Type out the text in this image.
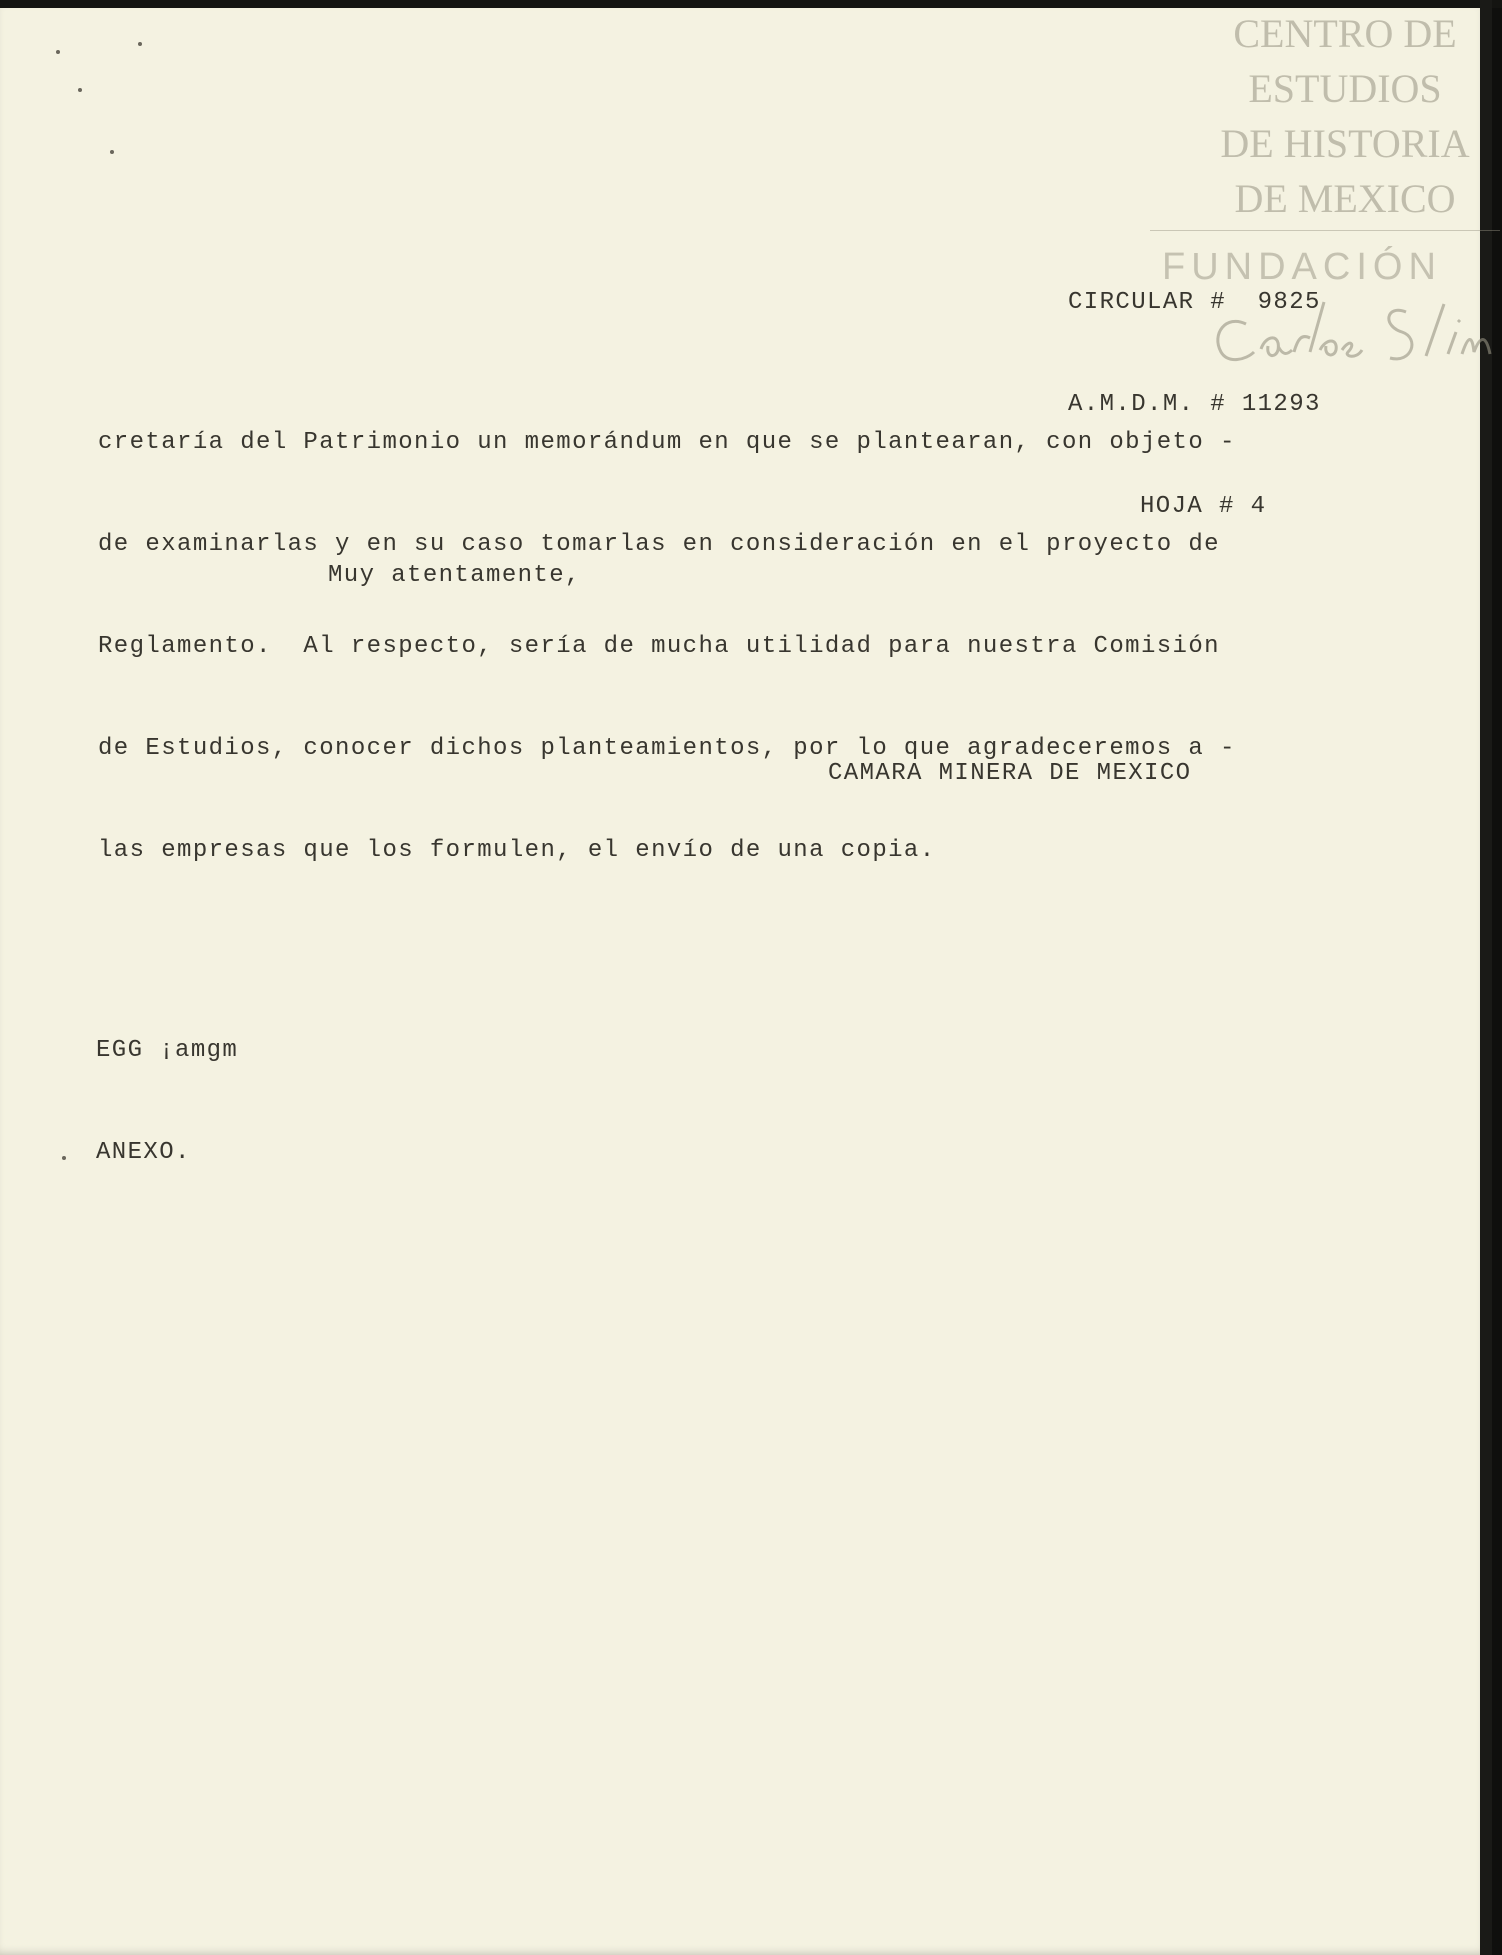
CENTRO DE
ESTUDIOS
DE HISTORIA
DE MEXICO
FUNDACIÓN

CIRCULAR #  9825

A.M.D.M. # 11293

HOJA # 4

cretaría del Patrimonio un memorándum en que se plantearan, con objeto -

de examinarlas y en su caso tomarlas en consideración en el proyecto de

Reglamento.  Al respecto, sería de mucha utilidad para nuestra Comisión

de Estudios, conocer dichos planteamientos, por lo que agradeceremos a -

las empresas que los formulen, el envío de una copia.

Muy atentamente,
CAMARA MINERA DE MEXICO

EGG ¡amgm

ANEXO.
